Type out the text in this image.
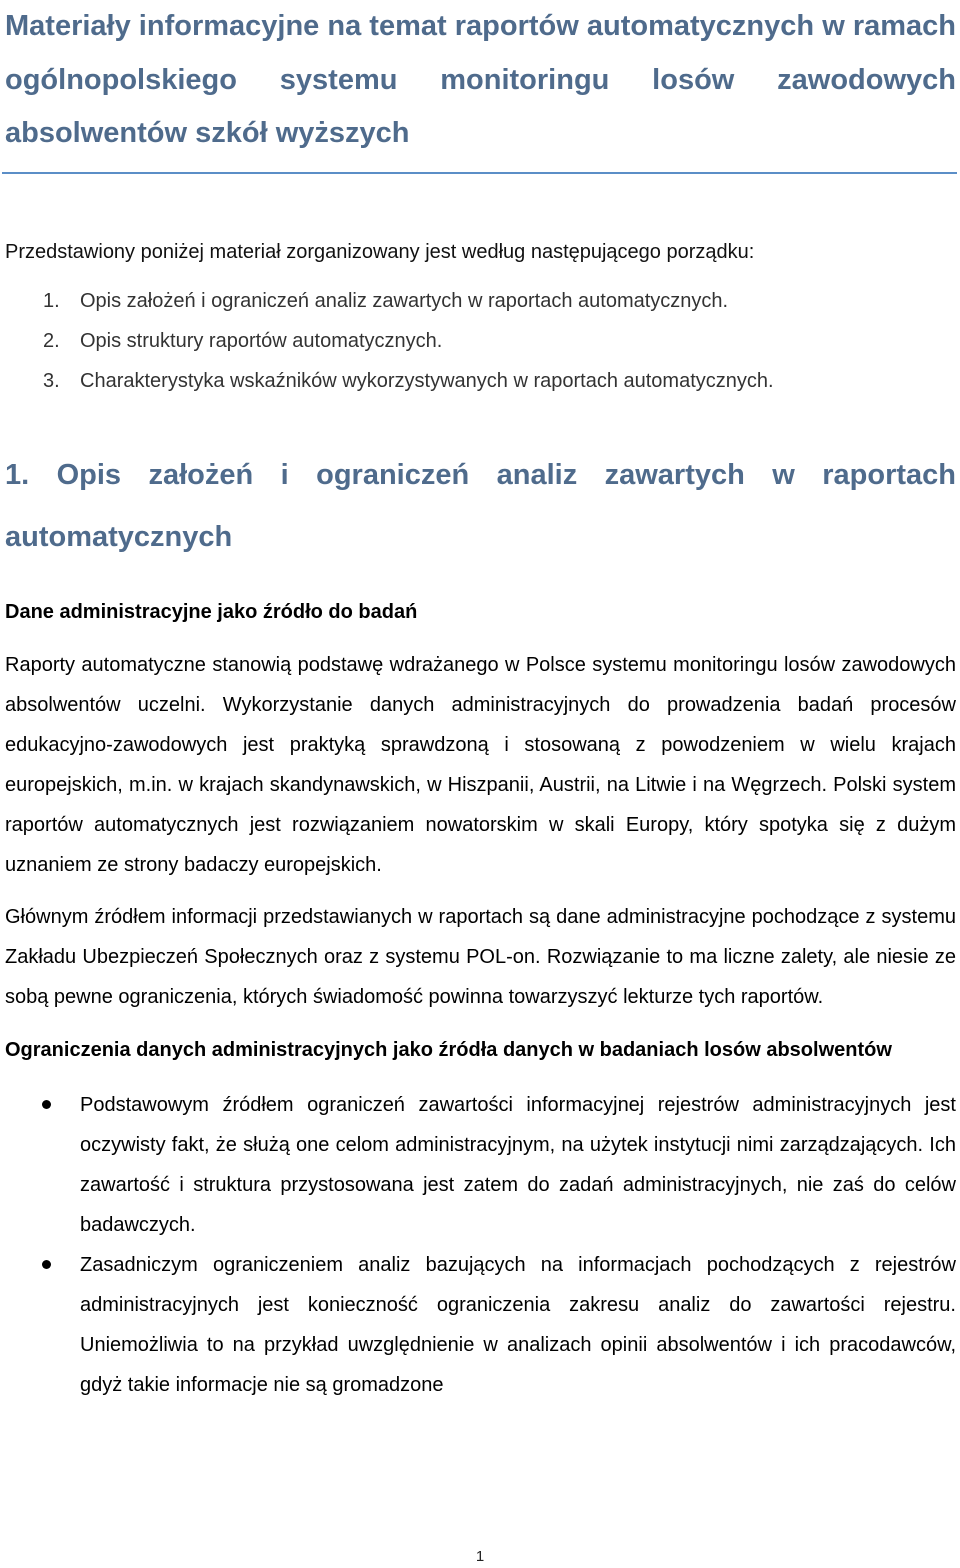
Materiały informacyjne na temat raportów automatycznych w ramach ogólnopolskiego systemu monitoringu losów zawodowych absolwentów szkół wyższych

Przedstawiony poniżej materiał zorganizowany jest według następującego porządku:

1.	Opis założeń i ograniczeń analiz zawartych w raportach automatycznych.
2.	Opis struktury raportów automatycznych.
3.	Charakterystyka wskaźników wykorzystywanych w raportach automatycznych.
1. Opis założeń i ograniczeń analiz zawartych w raportach automatycznych

Dane administracyjne jako źródło do badań

Raporty automatyczne stanowią podstawę wdrażanego w Polsce systemu monitoringu losów zawodowych absolwentów uczelni. Wykorzystanie danych administracyjnych do prowadzenia badań procesów edukacyjno-zawodowych jest praktyką sprawdzoną i stosowaną z powodzeniem w wielu krajach europejskich, m.in. w krajach skandynawskich, w Hiszpanii, Austrii, na Litwie i na Węgrzech. Polski system raportów automatycznych jest rozwiązaniem nowatorskim w skali Europy, który spotyka się z dużym uznaniem ze strony badaczy europejskich.

Głównym źródłem informacji przedstawianych w raportach są dane administracyjne pochodzące z systemu Zakładu Ubezpieczeń Społecznych oraz z systemu POL-on. Rozwiązanie to ma liczne zalety, ale niesie ze sobą pewne ograniczenia, których świadomość powinna towarzyszyć lekturze tych raportów.

Ograniczenia danych administracyjnych jako źródła danych w badaniach losów absolwentów

Podstawowym źródłem ograniczeń zawartości informacyjnej rejestrów administracyjnych jest oczywisty fakt, że służą one celom administracyjnym, na użytek instytucji nimi zarządzających. Ich zawartość i struktura przystosowana jest zatem do zadań administracyjnych, nie zaś do celów badawczych.
Zasadniczym ograniczeniem analiz bazujących na informacjach pochodzących z rejestrów administracyjnych jest konieczność ograniczenia zakresu analiz do zawartości rejestru. Uniemożliwia to na przykład uwzględnienie w analizach opinii absolwentów i ich pracodawców, gdyż takie informacje nie są gromadzone
1
